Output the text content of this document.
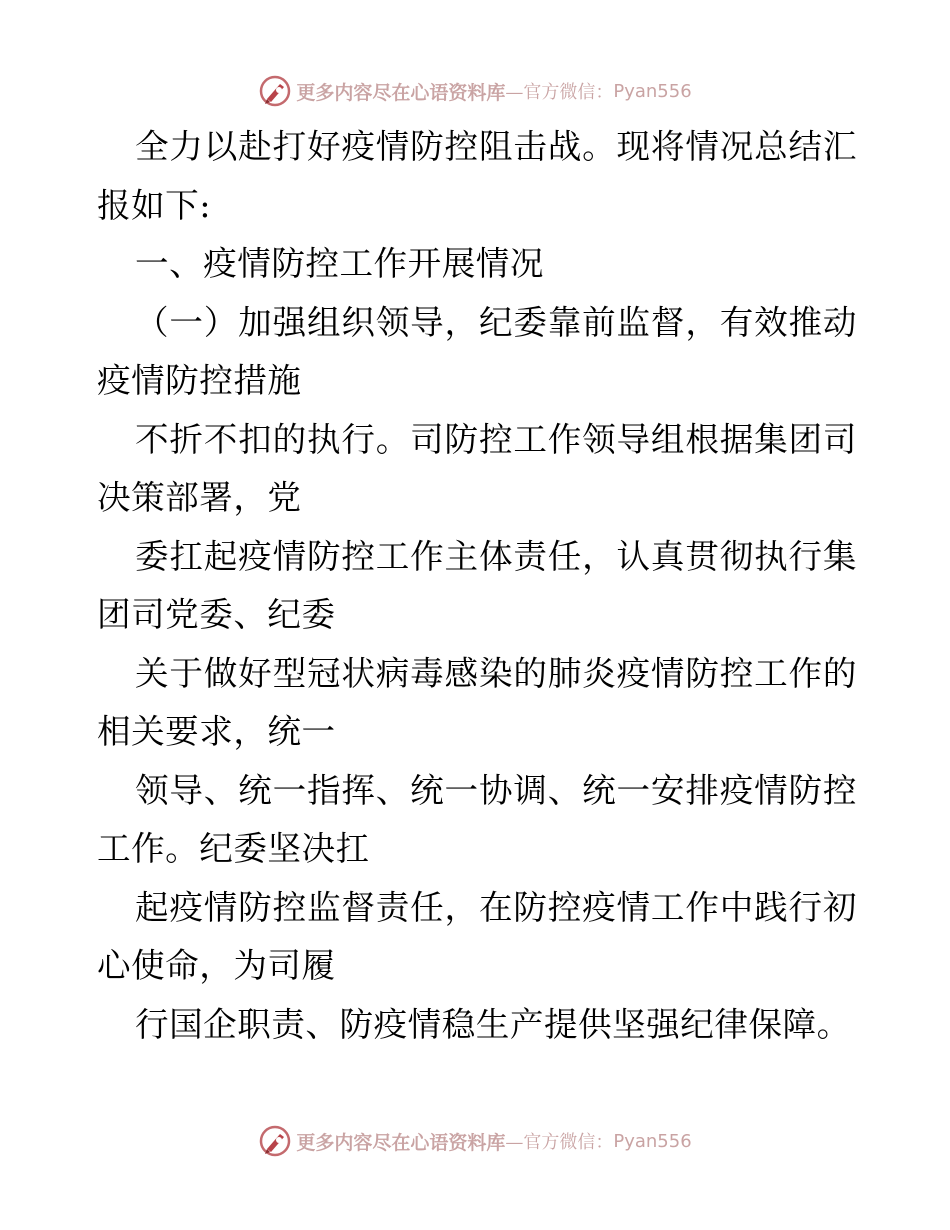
更多内容尽在心语资料库 —官方微信： Pyan556

全力以赴打好疫情防控阻击战。现将情况总结汇报如下:

一、疫情防控工作开展情况

（一）加强组织领导，纪委靠前监督，有效推动疫情防控措施

不折不扣的执行。司防控工作领导组根据集团司决策部署，党

委扛起疫情防控工作主体责任，认真贯彻执行集团司党委、纪委

关于做好型冠状病毒感染的肺炎疫情防控工作的相关要求，统一

领导、统一指挥、统一协调、统一安排疫情防控工作。纪委坚决扛

起疫情防控监督责任，在防控疫情工作中践行初心使命，为司履

行国企职责、防疫情稳生产提供坚强纪律保障。

更多内容尽在心语资料库 —官方微信： Pyan556
